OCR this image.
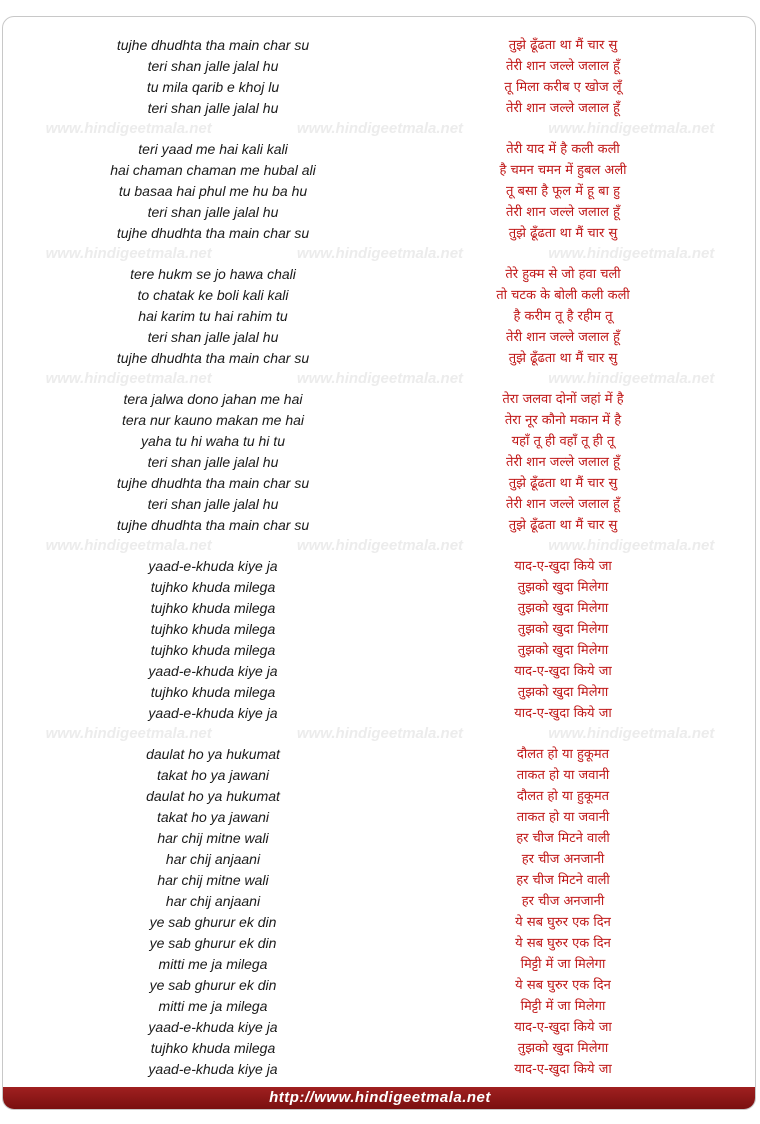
tujhe dhudhta tha main char su	तुझे ढूँढता था मैं चार सु
teri shan jalle jalal hu	तेरी शान जल्ले जलाल हूँ
tu mila qarib e khoj lu	तू मिला करीब ए खोज लूँ
teri shan jalle jalal hu	तेरी शान जल्ले जलाल हूँ
www.hindigeetmala.net	www.hindigeetmala.net	www.hindigeetmala.net
teri yaad me hai kali kali	तेरी याद में है कली कली
hai chaman chaman me hubal ali	है चमन चमन में हुबल अली
tu basaa hai phul me hu ba hu	तू बसा है फूल में हू बा हु
teri shan jalle jalal hu	तेरी शान जल्ले जलाल हूँ
tujhe dhudhta tha main char su	तुझे ढूँढता था मैं चार सु
www.hindigeetmala.net	www.hindigeetmala.net	www.hindigeetmala.net
tere hukm se jo hawa chali	तेरे हुक्म से जो हवा चली
to chatak ke boli kali kali	तो चटक के बोली कली कली
hai karim tu hai rahim tu	है करीम तू है रहीम तू
teri shan jalle jalal hu	तेरी शान जल्ले जलाल हूँ
tujhe dhudhta tha main char su	तुझे ढूँढता था मैं चार सु
www.hindigeetmala.net	www.hindigeetmala.net	www.hindigeetmala.net
tera jalwa dono jahan me hai	तेरा जलवा दोनों जहां में है
tera nur kauno makan me hai	तेरा नूर कौनो मकान में है
yaha tu hi waha tu hi tu	यहाँ तू ही वहाँ तू ही तू
teri shan jalle jalal hu	तेरी शान जल्ले जलाल हूँ
tujhe dhudhta tha main char su	तुझे ढूँढता था मैं चार सु
teri shan jalle jalal hu	तेरी शान जल्ले जलाल हूँ
tujhe dhudhta tha main char su	तुझे ढूँढता था मैं चार सु
www.hindigeetmala.net	www.hindigeetmala.net	www.hindigeetmala.net
yaad-e-khuda kiye ja	याद-ए-खुदा किये जा
tujhko khuda milega	तुझको खुदा मिलेगा
tujhko khuda milega	तुझको खुदा मिलेगा
tujhko khuda milega	तुझको खुदा मिलेगा
tujhko khuda milega	तुझको खुदा मिलेगा
yaad-e-khuda kiye ja	याद-ए-खुदा किये जा
tujhko khuda milega	तुझको खुदा मिलेगा
yaad-e-khuda kiye ja	याद-ए-खुदा किये जा
www.hindigeetmala.net	www.hindigeetmala.net	www.hindigeetmala.net
daulat ho ya hukumat	दौलत हो या हुकूमत
takat ho ya jawani	ताकत हो या जवानी
daulat ho ya hukumat	दौलत हो या हुकूमत
takat ho ya jawani	ताकत हो या जवानी
har chij mitne wali	हर चीज मिटने वाली
har chij anjaani	हर चीज अनजानी
har chij mitne wali	हर चीज मिटने वाली
har chij anjaani	हर चीज अनजानी
ye sab ghurur ek din	ये सब घुरुर एक दिन
ye sab ghurur ek din	ये सब घुरुर एक दिन
mitti me ja milega	मिट्टी में जा मिलेगा
ye sab ghurur ek din	ये सब घुरुर एक दिन
mitti me ja milega	मिट्टी में जा मिलेगा
yaad-e-khuda kiye ja	याद-ए-खुदा किये जा
tujhko khuda milega	तुझको खुदा मिलेगा
yaad-e-khuda kiye ja	याद-ए-खुदा किये जा
http://www.hindigeetmala.net
